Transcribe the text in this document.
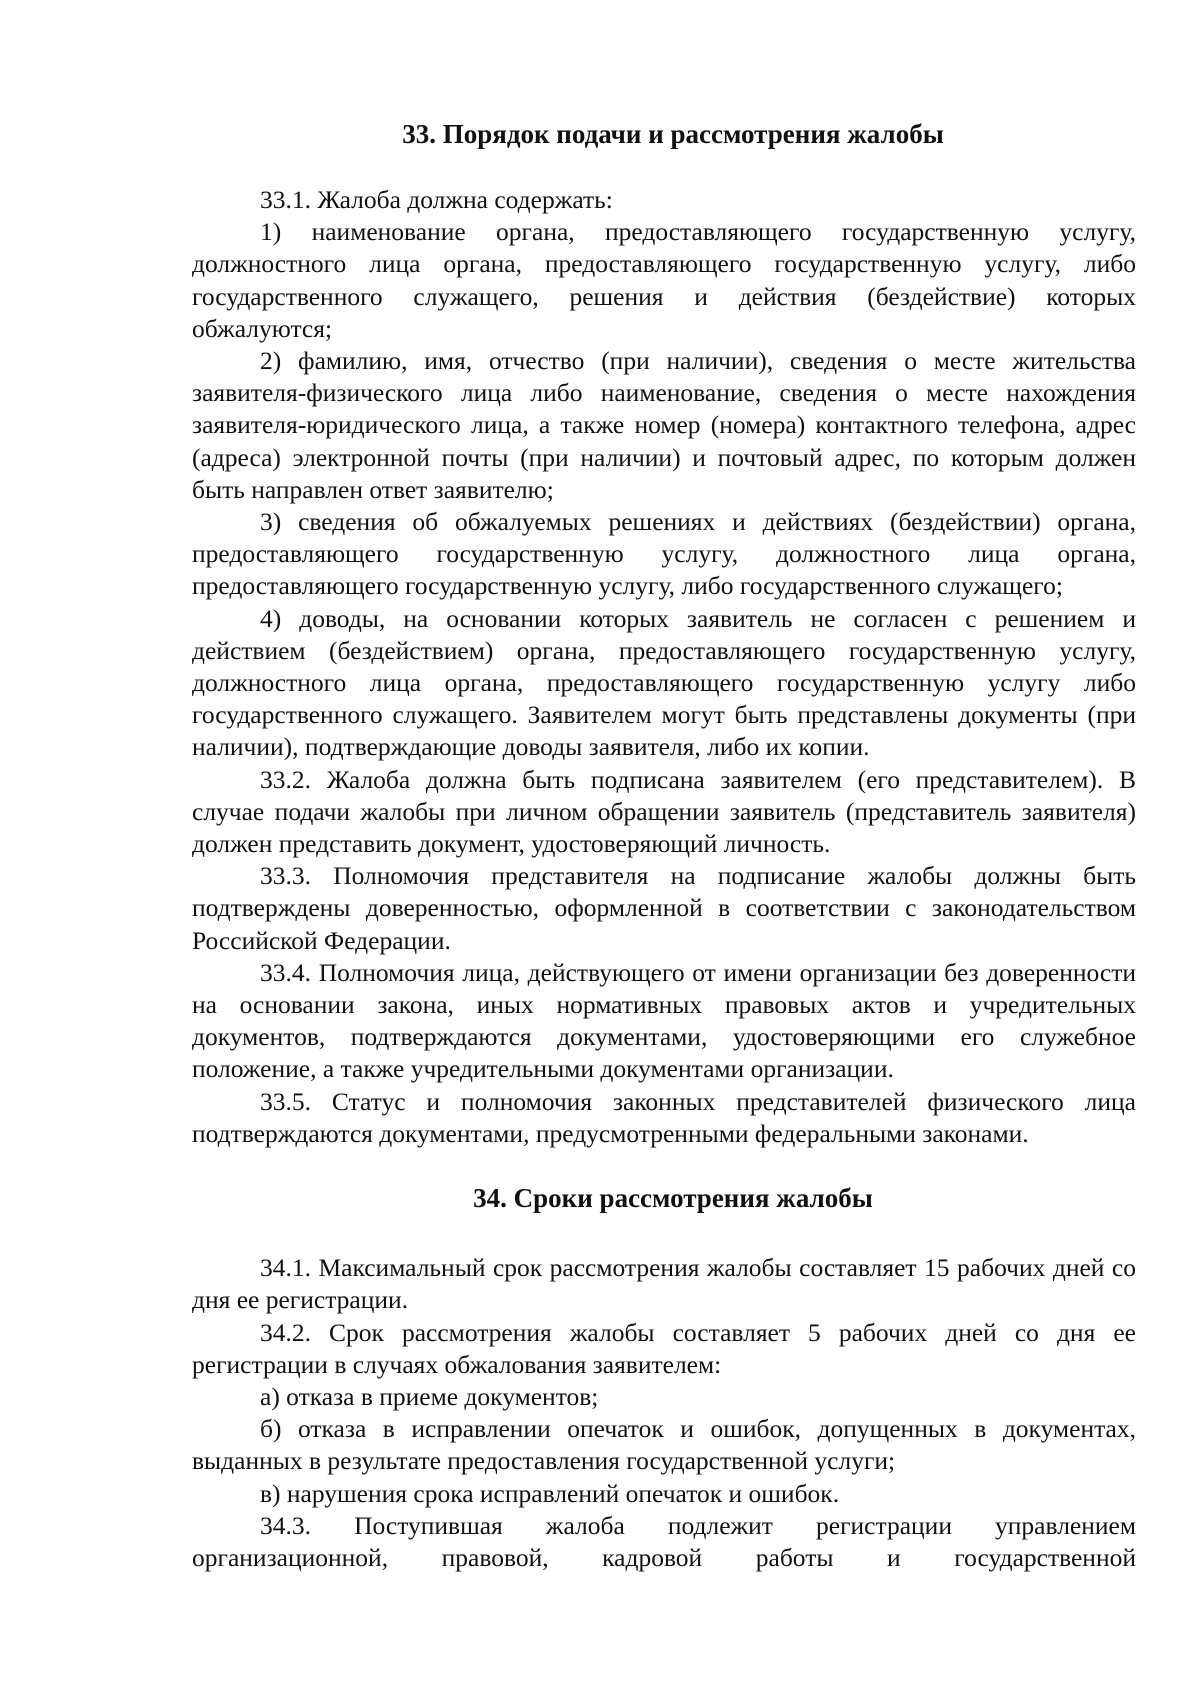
33. Порядок подачи и рассмотрения жалобы

33.1. Жалоба должна содержать:

1) наименование органа, предоставляющего государственную услугу, должностного лица органа, предоставляющего государственную услугу, либо государственного служащего, решения и действия (бездействие) которых обжалуются;

2) фамилию, имя, отчество (при наличии), сведения о месте жительства заявителя-физического лица либо наименование, сведения о месте нахождения заявителя-юридического лица, а также номер (номера) контактного телефона, адрес (адреса) электронной почты (при наличии) и почтовый адрес, по которым должен быть направлен ответ заявителю;

3) сведения об обжалуемых решениях и действиях (бездействии) органа, предоставляющего государственную услугу, должностного лица органа, предоставляющего государственную услугу, либо государственного служащего;

4) доводы, на основании которых заявитель не согласен с решением и действием (бездействием) органа, предоставляющего государственную услугу, должностного лица органа, предоставляющего государственную услугу либо государственного служащего. Заявителем могут быть представлены документы (при наличии), подтверждающие доводы заявителя, либо их копии.

33.2. Жалоба должна быть подписана заявителем (его представителем). В случае подачи жалобы при личном обращении заявитель (представитель заявителя) должен представить документ, удостоверяющий личность.

33.3. Полномочия представителя на подписание жалобы должны быть подтверждены доверенностью, оформленной в соответствии с законодательством Российской Федерации.

33.4. Полномочия лица, действующего от имени организации без доверенности на основании закона, иных нормативных правовых актов и учредительных документов, подтверждаются документами, удостоверяющими его служебное положение, а также учредительными документами организации.

33.5. Статус и полномочия законных представителей физического лица подтверждаются документами, предусмотренными федеральными законами.

34. Сроки рассмотрения жалобы

34.1. Максимальный срок рассмотрения жалобы составляет 15 рабочих дней со дня ее регистрации.

34.2. Срок рассмотрения жалобы составляет 5 рабочих дней со дня ее регистрации в случаях обжалования заявителем:

а) отказа в приеме документов;

б) отказа в исправлении опечаток и ошибок, допущенных в документах, выданных в результате предоставления государственной услуги;

в) нарушения срока исправлений опечаток и ошибок.

34.3. Поступившая жалоба подлежит регистрации управлением организационной, правовой, кадровой работы и государственной
